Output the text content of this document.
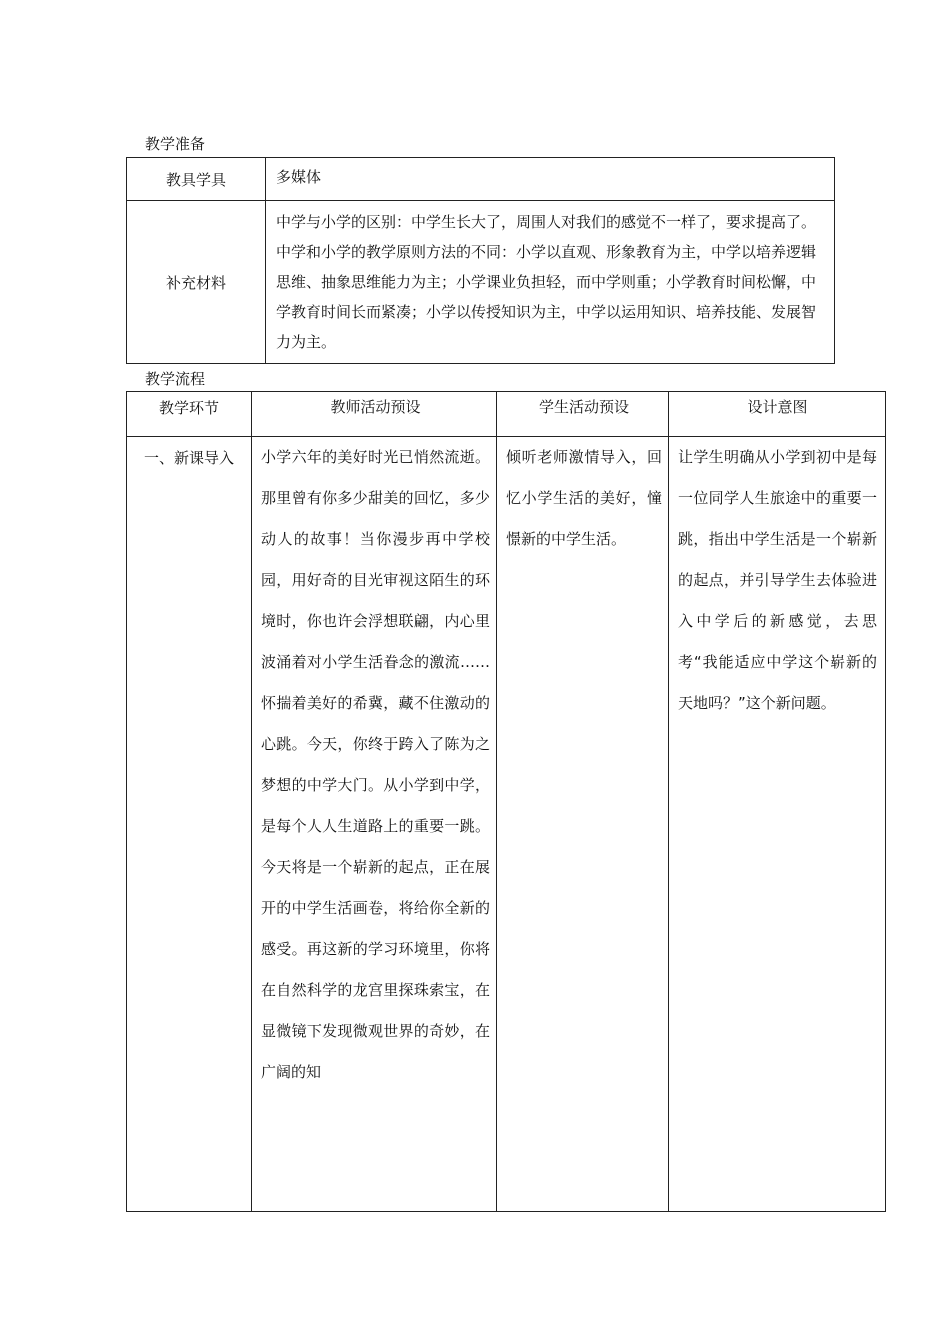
教学准备
教具学具	多媒体
补充材料	中学与小学的区别：中学生长大了，周围人对我们的感觉不一样了，要求提高了。中学和小学的教学原则方法的不同：小学以直观、形象教育为主，中学以培养逻辑思维、抽象思维能力为主；小学课业负担轻，而中学则重；小学教育时间松懈，中学教育时间长而紧凑；小学以传授知识为主，中学以运用知识、培养技能、发展智力为主。
教学流程
教学环节	教师活动预设	学生活动预设	设计意图
一、新课导入	小学六年的美好时光已悄然流逝。那里曾有你多少甜美的回忆，多少动人的故事！当你漫步再中学校园，用好奇的目光审视这陌生的环境时，你也许会浮想联翩，内心里波涌着对小学生活眷念的激流……怀揣着美好的希冀，藏不住激动的心跳。今天，你终于跨入了陈为之梦想的中学大门。从小学到中学，是每个人人生道路上的重要一跳。今天将是一个崭新的起点，正在展开的中学生活画卷，将给你全新的感受。再这新的学习环境里，你将在自然科学的龙宫里探珠索宝，在显微镜下发现微观世界的奇妙，在广阔的知	倾听老师激情导入，回忆小学生活的美好，憧憬新的中学生活。	让学生明确从小学到初中是每一位同学人生旅途中的重要一跳，指出中学生活是一个崭新的起点，并引导学生去体验进入中学后的新感觉，去思考“我能适应中学这个崭新的天地吗？”这个新问题。
